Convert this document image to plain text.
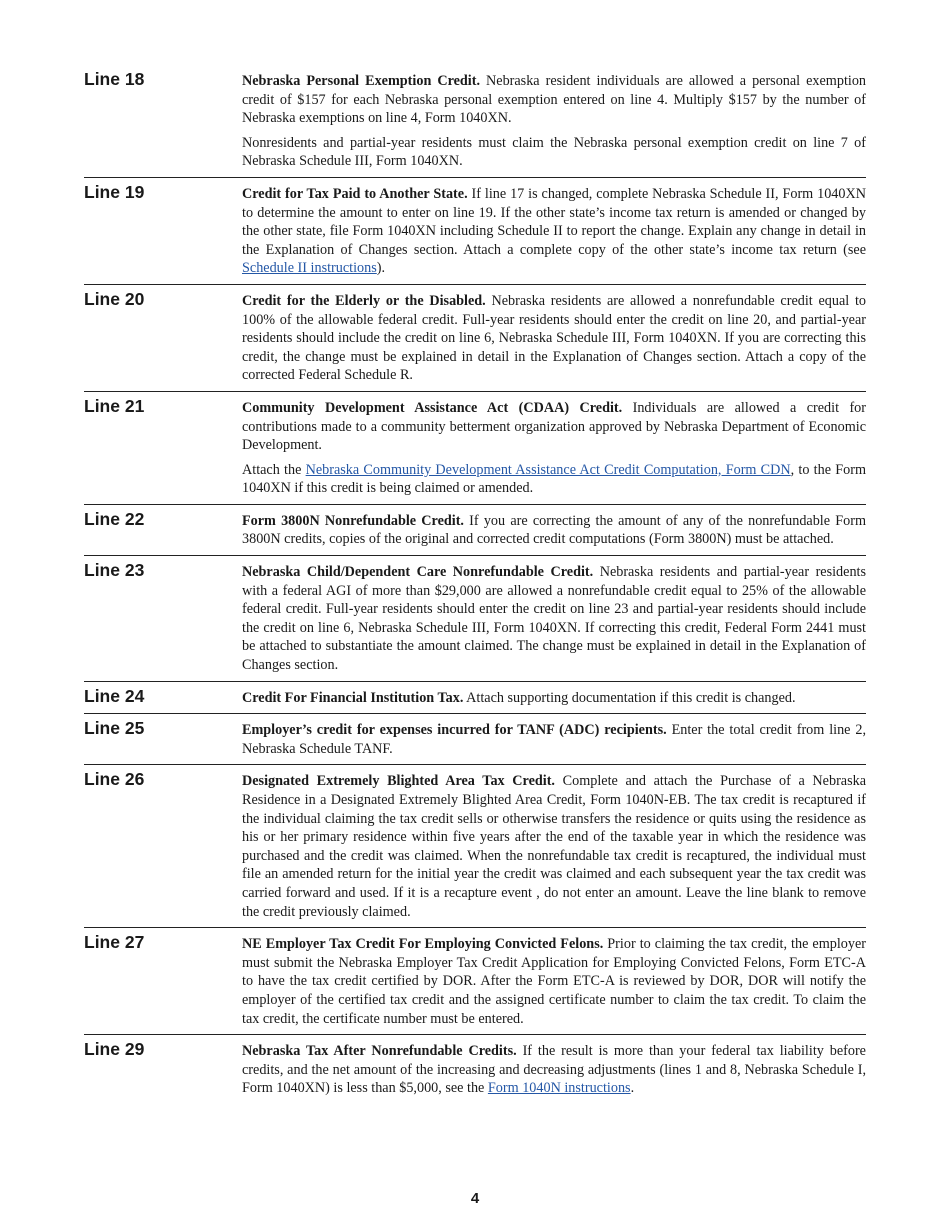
Line 18	Nebraska Personal Exemption Credit. Nebraska resident individuals are allowed a personal exemption credit of $157 for each Nebraska personal exemption entered on line 4. Multiply $157 by the number of Nebraska exemptions on line 4, Form 1040XN.

Nonresidents and partial-year residents must claim the Nebraska personal exemption credit on line 7 of Nebraska Schedule III, Form 1040XN.

Line 19	Credit for Tax Paid to Another State. If line 17 is changed, complete Nebraska Schedule II, Form 1040XN to determine the amount to enter on line 19. If the other state’s income tax return is amended or changed by the other state, file Form 1040XN including Schedule II to report the change. Explain any change in detail in the Explanation of Changes section. Attach a complete copy of the other state’s income tax return (see Schedule II instructions).

Line 20	Credit for the Elderly or the Disabled. Nebraska residents are allowed a nonrefundable credit equal to 100% of the allowable federal credit. Full-year residents should enter the credit on line 20, and partial-year residents should include the credit on line 6, Nebraska Schedule III, Form 1040XN. If you are correcting this credit, the change must be explained in detail in the Explanation of Changes section. Attach a copy of the corrected Federal Schedule R.

Line 21	Community Development Assistance Act (CDAA) Credit. Individuals are allowed a credit for contributions made to a community betterment organization approved by Nebraska Department of Economic Development.

Attach the Nebraska Community Development Assistance Act Credit Computation, Form CDN, to the Form 1040XN if this credit is being claimed or amended.

Line 22	Form 3800N Nonrefundable Credit. If you are correcting the amount of any of the nonrefundable Form 3800N credits, copies of the original and corrected credit computations (Form 3800N) must be attached.

Line 23	Nebraska Child/Dependent Care Nonrefundable Credit. Nebraska residents and partial-year residents with a federal AGI of more than $29,000 are allowed a nonrefundable credit equal to 25% of the allowable federal credit. Full-year residents should enter the credit on line 23 and partial-year residents should include the credit on line 6, Nebraska Schedule III, Form 1040XN. If correcting this credit, Federal Form 2441 must be attached to substantiate the amount claimed. The change must be explained in detail in the Explanation of Changes section.

Line 24	Credit For Financial Institution Tax. Attach supporting documentation if this credit is changed.

Line 25	Employer’s credit for expenses incurred for TANF (ADC) recipients. Enter the total credit from line 2, Nebraska Schedule TANF.

Line 26	Designated Extremely Blighted Area Tax Credit. Complete and attach the Purchase of a Nebraska Residence in a Designated Extremely Blighted Area Credit, Form 1040N-EB. The tax credit is recaptured if the individual claiming the tax credit sells or otherwise transfers the residence or quits using the residence as his or her primary residence within five years after the end of the taxable year in which the residence was purchased and the credit was claimed. When the nonrefundable tax credit is recaptured, the individual must file an amended return for the initial year the credit was claimed and each subsequent year the tax credit was carried forward and used. If it is a recapture event , do not enter an amount. Leave the line blank to remove the credit previously claimed.

Line 27	NE Employer Tax Credit For Employing Convicted Felons. Prior to claiming the tax credit, the employer must submit the Nebraska Employer Tax Credit Application for Employing Convicted Felons, Form ETC-A to have the tax credit certified by DOR. After the Form ETC-A is reviewed by DOR, DOR will notify the employer of the certified tax credit and the assigned certificate number to claim the tax credit. To claim the tax credit, the certificate number must be entered.

Line 29	Nebraska Tax After Nonrefundable Credits. If the result is more than your federal tax liability before credits, and the net amount of the increasing and decreasing adjustments (lines 1 and 8, Nebraska Schedule I, Form 1040XN) is less than $5,000, see the Form 1040N instructions.

4
